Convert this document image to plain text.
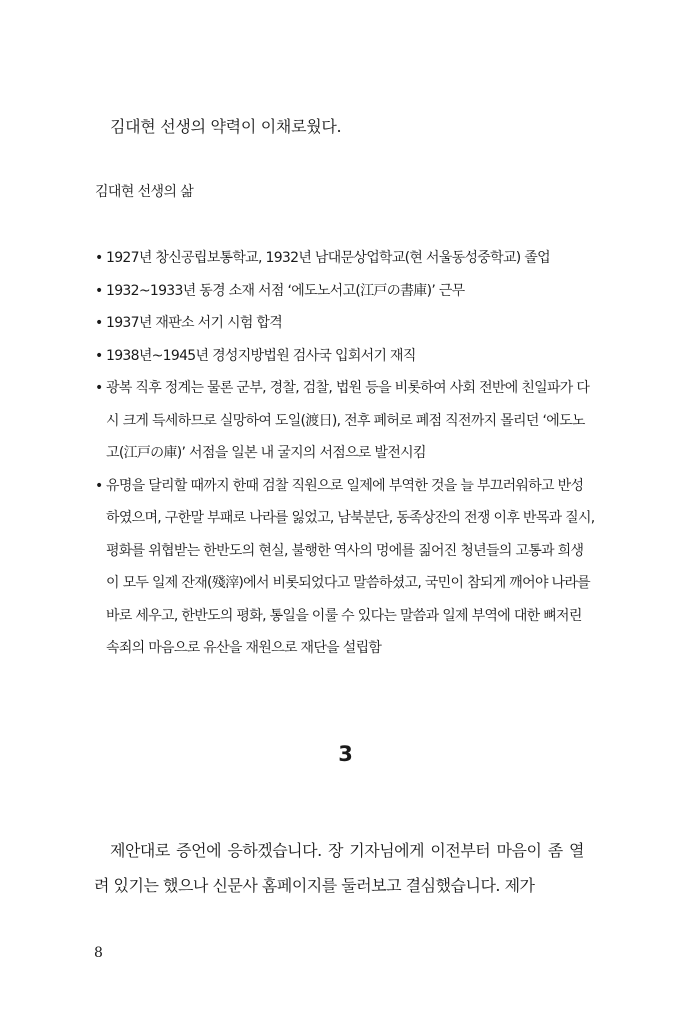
김대현 선생의 약력이 이채로웠다.

김대현 선생의 삶
• 1927년 창신공립보통학교, 1932년 남대문상업학교(현 서울동성중학교) 졸업
• 1932~1933년 동경 소재 서점 ‘에도노서고(江戸の書庫)’ 근무
• 1937년 재판소 서기 시험 합격
• 1938년~1945년 경성지방법원 검사국 입회서기 재직
• 광복 직후 정계는 물론 군부, 경찰, 검찰, 법원 등을 비롯하여 사회 전반에 친일파가 다시 크게 득세하므로 실망하여 도일(渡日), 전후 폐허로 폐점 직전까지 몰리던 ‘에도노고(江戸の庫)’ 서점을 일본 내 굴지의 서점으로 발전시킴
• 유명을 달리할 때까지 한때 검찰 직원으로 일제에 부역한 것을 늘 부끄러워하고 반성하였으며, 구한말 부패로 나라를 잃었고, 남북분단, 동족상잔의 전쟁 이후 반목과 질시, 평화를 위협받는 한반도의 현실, 불행한 역사의 멍에를 짊어진 청년들의 고통과 희생이 모두 일제 잔재(殘滓)에서 비롯되었다고 말씀하셨고, 국민이 참되게 깨어야 나라를 바로 세우고, 한반도의 평화, 통일을 이룰 수 있다는 말씀과 일제 부역에 대한 뼈저린 속죄의 마음으로 유산을 재원으로 재단을 설립함
3

제안대로 증언에 응하겠습니다. 장 기자님에게 이전부터 마음이 좀 열려 있기는 했으나 신문사 홈페이지를 둘러보고 결심했습니다. 제가

8
